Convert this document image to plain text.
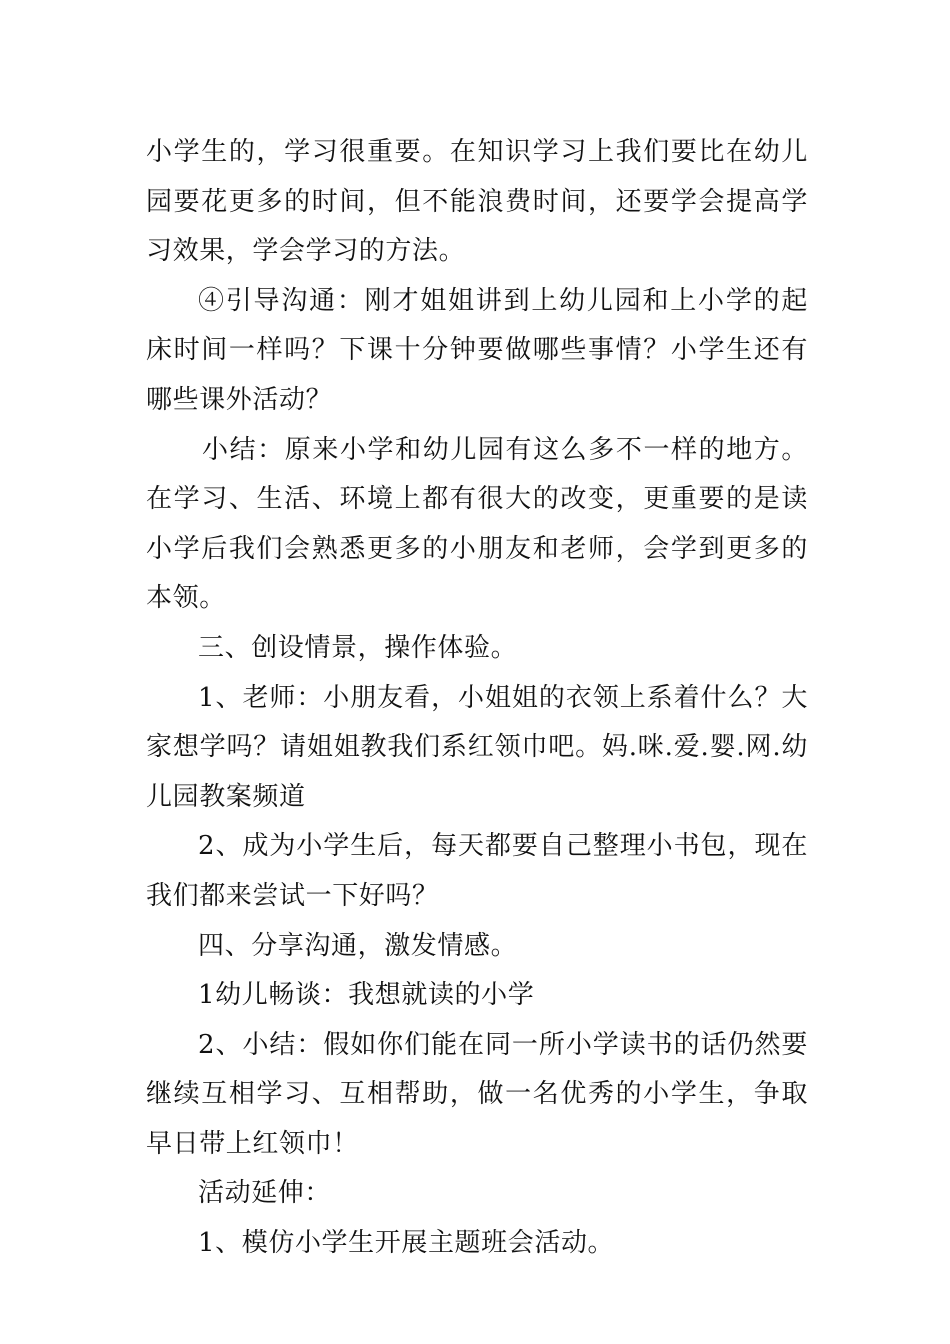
小学生的，学习很重要。在知识学习上我们要比在幼儿园要花更多的时间，但不能浪费时间，还要学会提高学习效果，学会学习的方法。

④引导沟通：刚才姐姐讲到上幼儿园和上小学的起床时间一样吗？下课十分钟要做哪些事情？小学生还有哪些课外活动？

小结：原来小学和幼儿园有这么多不一样的地方。在学习、生活、环境上都有很大的改变，更重要的是读小学后我们会熟悉更多的小朋友和老师，会学到更多的本领。

三、创设情景，操作体验。

1、老师：小朋友看，小姐姐的衣领上系着什么？大家想学吗？请姐姐教我们系红领巾吧。妈.咪.爱.婴.网.幼儿园教案频道

2、成为小学生后，每天都要自己整理小书包，现在我们都来尝试一下好吗？

四、分享沟通，激发情感。

1幼儿畅谈：我想就读的小学

2、小结：假如你们能在同一所小学读书的话仍然要继续互相学习、互相帮助，做一名优秀的小学生，争取早日带上红领巾！

活动延伸：

1、模仿小学生开展主题班会活动。
